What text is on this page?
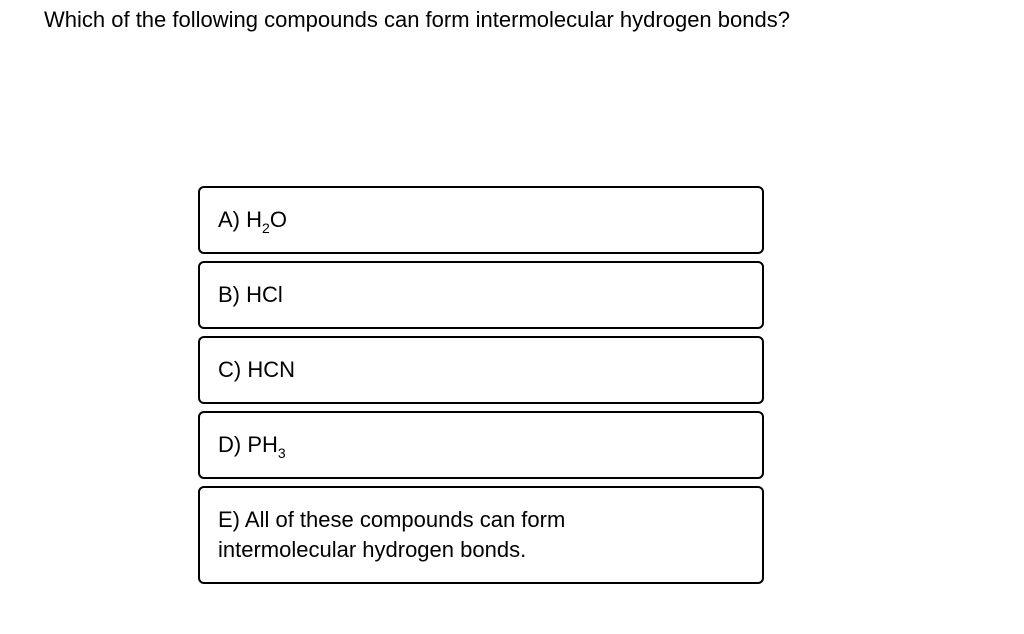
Which of the following compounds can form intermolecular hydrogen bonds?
A) $H_2O$
B) HCl
C) HCN
D) $PH_3$
E) All of these compounds can form
intermolecular hydrogen bonds.
